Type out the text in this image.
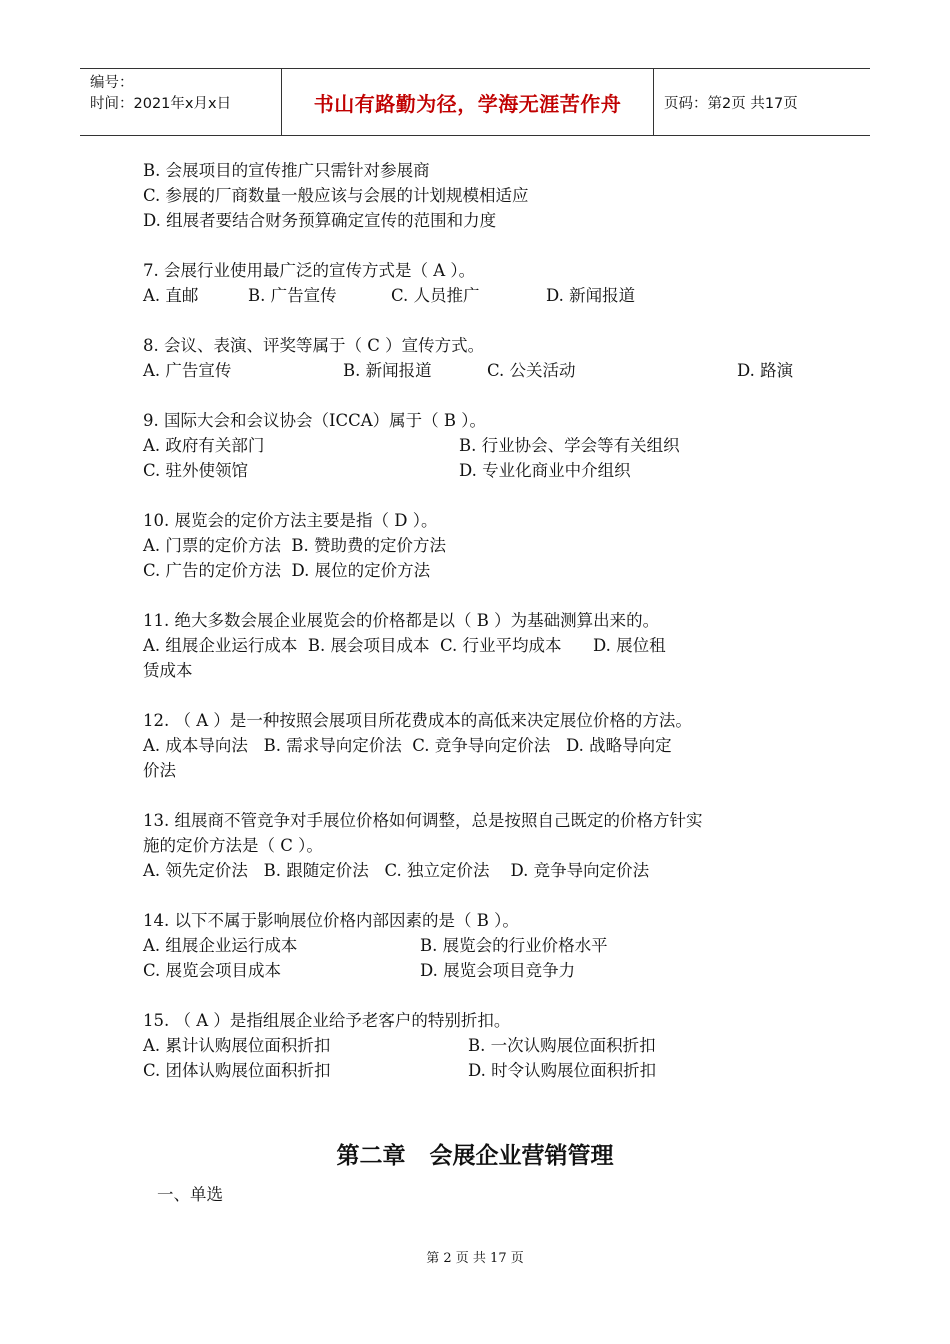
编号：
时间：2021年x月x日	书山有路勤为径，学海无涯苦作舟	页码：第2页 共17页
B. 会展项目的宣传推广只需针对参展商
C. 参展的厂商数量一般应该与会展的计划规模相适应
D. 组展者要结合财务预算确定宣传的范围和力度
7. 会展行业使用最广泛的宣传方式是（ A ）。
A. 直邮	B. 广告宣传	C. 人员推广	D. 新闻报道
8. 会议、表演、评奖等属于（ C ）宣传方式。
A. 广告宣传	B. 新闻报道	C. 公关活动	D. 路演
9. 国际大会和会议协会（ICCA）属于（ B ）。
A. 政府有关部门	B. 行业协会、学会等有关组织
C. 驻外使领馆	D. 专业化商业中介组织
10. 展览会的定价方法主要是指（ D ）。
A. 门票的定价方法  B. 赞助费的定价方法
C. 广告的定价方法  D. 展位的定价方法
11. 绝大多数会展企业展览会的价格都是以（ B ）为基础测算出来的。
A. 组展企业运行成本  B. 展会项目成本  C. 行业平均成本      D. 展位租
赁成本
12. （ A ）是一种按照会展项目所花费成本的高低来决定展位价格的方法。
A. 成本导向法   B. 需求导向定价法  C. 竞争导向定价法   D. 战略导向定
价法
13. 组展商不管竞争对手展位价格如何调整，总是按照自己既定的价格方针实
施的定价方法是（ C ）。
A. 领先定价法   B. 跟随定价法   C. 独立定价法    D. 竞争导向定价法
14. 以下不属于影响展位价格内部因素的是（ B ）。
A. 组展企业运行成本	B. 展览会的行业价格水平
C. 展览会项目成本	D. 展览会项目竞争力
15. （ A ）是指组展企业给予老客户的特别折扣。
A. 累计认购展位面积折扣	B. 一次认购展位面积折扣
C. 团体认购展位面积折扣	D. 时令认购展位面积折扣
第二章   会展企业营销管理
一、单选
第 2 页 共 17 页
